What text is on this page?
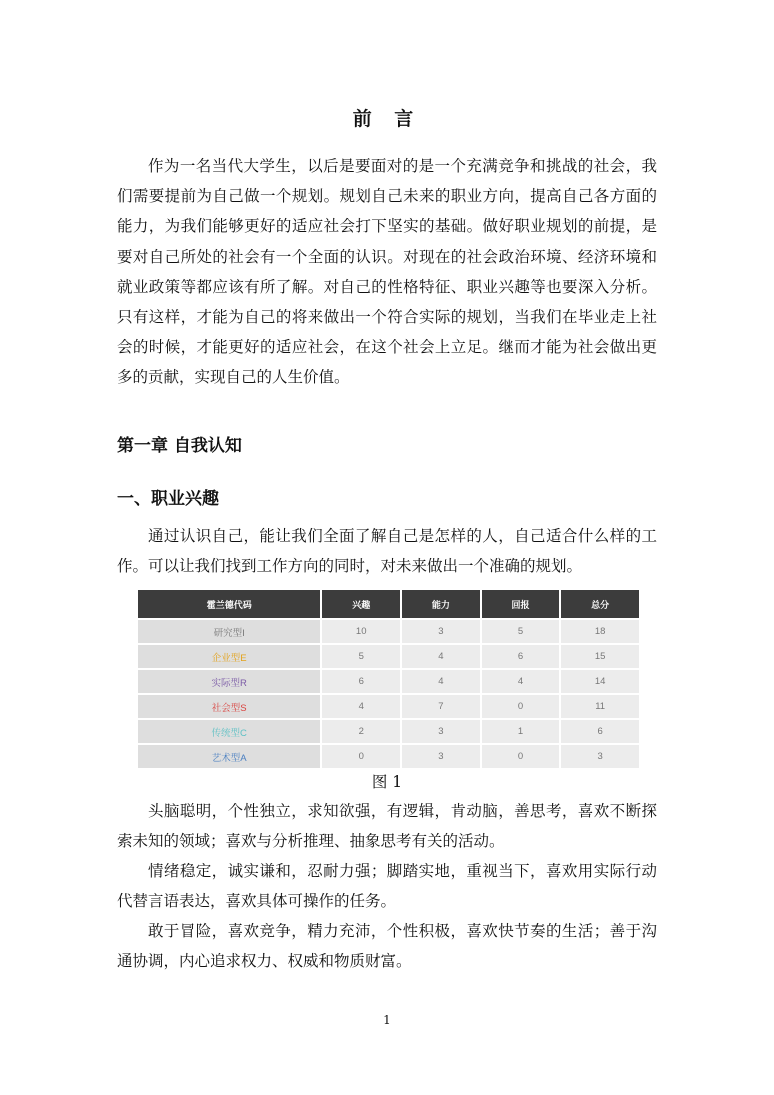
前 言

作为一名当代大学生，以后是要面对的是一个充满竞争和挑战的社会，我们需要提前为自己做一个规划。规划自己未来的职业方向，提高自己各方面的能力，为我们能够更好的适应社会打下坚实的基础。做好职业规划的前提，是要对自己所处的社会有一个全面的认识。对现在的社会政治环境、经济环境和就业政策等都应该有所了解。对自己的性格特征、职业兴趣等也要深入分析。只有这样，才能为自己的将来做出一个符合实际的规划，当我们在毕业走上社会的时候，才能更好的适应社会，在这个社会上立足。继而才能为社会做出更多的贡献，实现自己的人生价值。

第一章 自我认知
一、职业兴趣

通过认识自己，能让我们全面了解自己是怎样的人，自己适合什么样的工作。可以让我们找到工作方向的同时，对未来做出一个准确的规划。

霍兰德代码	兴趣	能力	回报	总分
研究型I	10	3	5	18
企业型E	5	4	6	15
实际型R	6	4	4	14
社会型S	4	7	0	11
传统型C	2	3	1	6
艺术型A	0	3	0	3
图 1

头脑聪明，个性独立，求知欲强，有逻辑，肯动脑，善思考，喜欢不断探索未知的领域；喜欢与分析推理、抽象思考有关的活动。

情绪稳定，诚实谦和，忍耐力强；脚踏实地，重视当下，喜欢用实际行动代替言语表达，喜欢具体可操作的任务。

敢于冒险，喜欢竞争，精力充沛，个性积极，喜欢快节奏的生活；善于沟通协调，内心追求权力、权威和物质财富。

1
